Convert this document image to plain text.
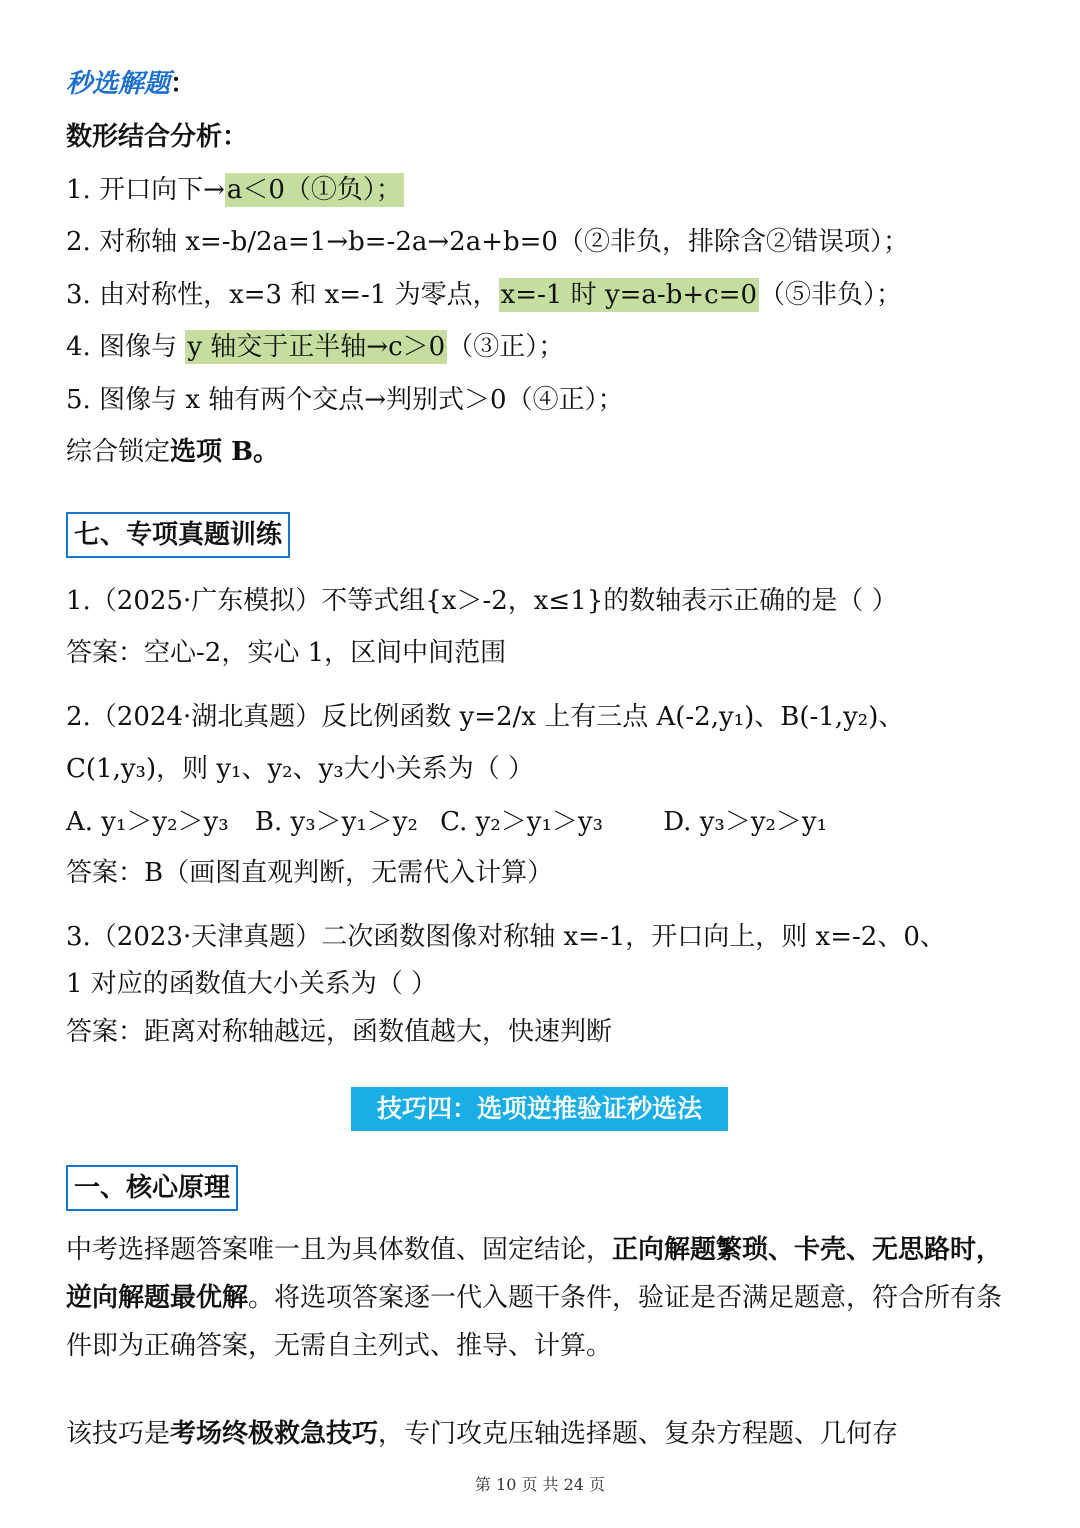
秒选解题：
数形结合分析：
1. 开口向下→a＜0（①负）；
2. 对称轴 x=-b/2a=1→b=-2a→2a+b=0（②非负，排除含②错误项）；
3. 由对称性，x=3 和 x=-1 为零点，x=-1 时 y=a-b+c=0（⑤非负）；
4. 图像与 y 轴交于正半轴→c＞0（③正）；
5. 图像与 x 轴有两个交点→判别式＞0（④正）；
综合锁定选项 B。
七、专项真题训练
1.（2025·广东模拟）不等式组{x＞-2，x≤1}的数轴表示正确的是（ ）
答案：空心-2，实心 1，区间中间范围
2.（2024·湖北真题）反比例函数 y=2/x 上有三点 A(-2,y₁)、B(-1,y₂)、
C(1,y₃)，则 y₁、y₂、y₃大小关系为（ ）
A. y₁＞y₂＞y₃ B. y₃＞y₁＞y₂ C. y₂＞y₁＞y₃ D. y₃＞y₂＞y₁
答案：B（画图直观判断，无需代入计算）
3.（2023·天津真题）二次函数图像对称轴 x=-1，开口向上，则 x=-2、0、
1 对应的函数值大小关系为（ ）
答案：距离对称轴越远，函数值越大，快速判断
技巧四：选项逆推验证秒选法
一、核心原理
中考选择题答案唯一且为具体数值、固定结论，正向解题繁琐、卡壳、无思路时，逆向解题最优解。将选项答案逐一代入题干条件，验证是否满足题意，符合所有条件即为正确答案，无需自主列式、推导、计算。
该技巧是考场终极救急技巧，专门攻克压轴选择题、复杂方程题、几何存
第 10 页 共 24 页
